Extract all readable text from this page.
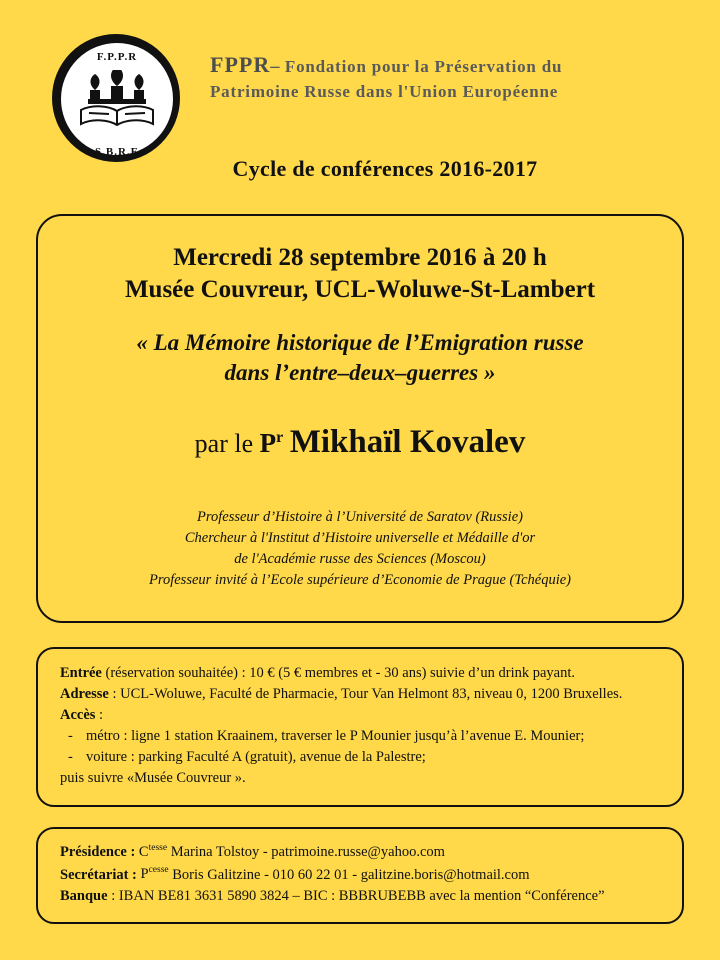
F.P.P.R
S.B.R.E
FPPR– Fondation pour la Préservation du
Patrimoine Russe dans l'Union Européenne
Cycle de conférences 2016-2017
Mercredi 28 septembre 2016 à 20 h
Musée Couvreur, UCL-Woluwe-St-Lambert
« La Mémoire historique de l’Emigration russe
dans l’entre–deux–guerres »
par le $P^r$ Mikhaïl Kovalev
Professeur d’Histoire à l’Université de Saratov (Russie)
Chercheur à l'Institut d’Histoire universelle et Médaille d'or
de l'Académie russe des Sciences (Moscou)
Professeur invité à l’Ecole supérieure d’Economie de Prague (Tchéquie)
Entrée (réservation souhaitée) : 10 € (5 € membres et - 30 ans) suivie d’un drink payant.
Adresse : UCL-Woluwe, Faculté de Pharmacie, Tour Van Helmont 83, niveau 0, 1200 Bruxelles.
Accès :
- métro : ligne 1 station Kraainem, traverser le P Mounier jusqu’à l’avenue E. Mounier;
- voiture : parking Faculté A (gratuit), avenue de la Palestre;
puis suivre «Musée Couvreur ».
Présidence : $C^{tesse}$ Marina Tolstoy - patrimoine.russe@yahoo.com
Secrétariat : $P^{cesse}$ Boris Galitzine - 010 60 22 01 - galitzine.boris@hotmail.com
Banque : IBAN BE81 3631 5890 3824 – BIC : BBBRUBEBB avec la mention “Conférence”
